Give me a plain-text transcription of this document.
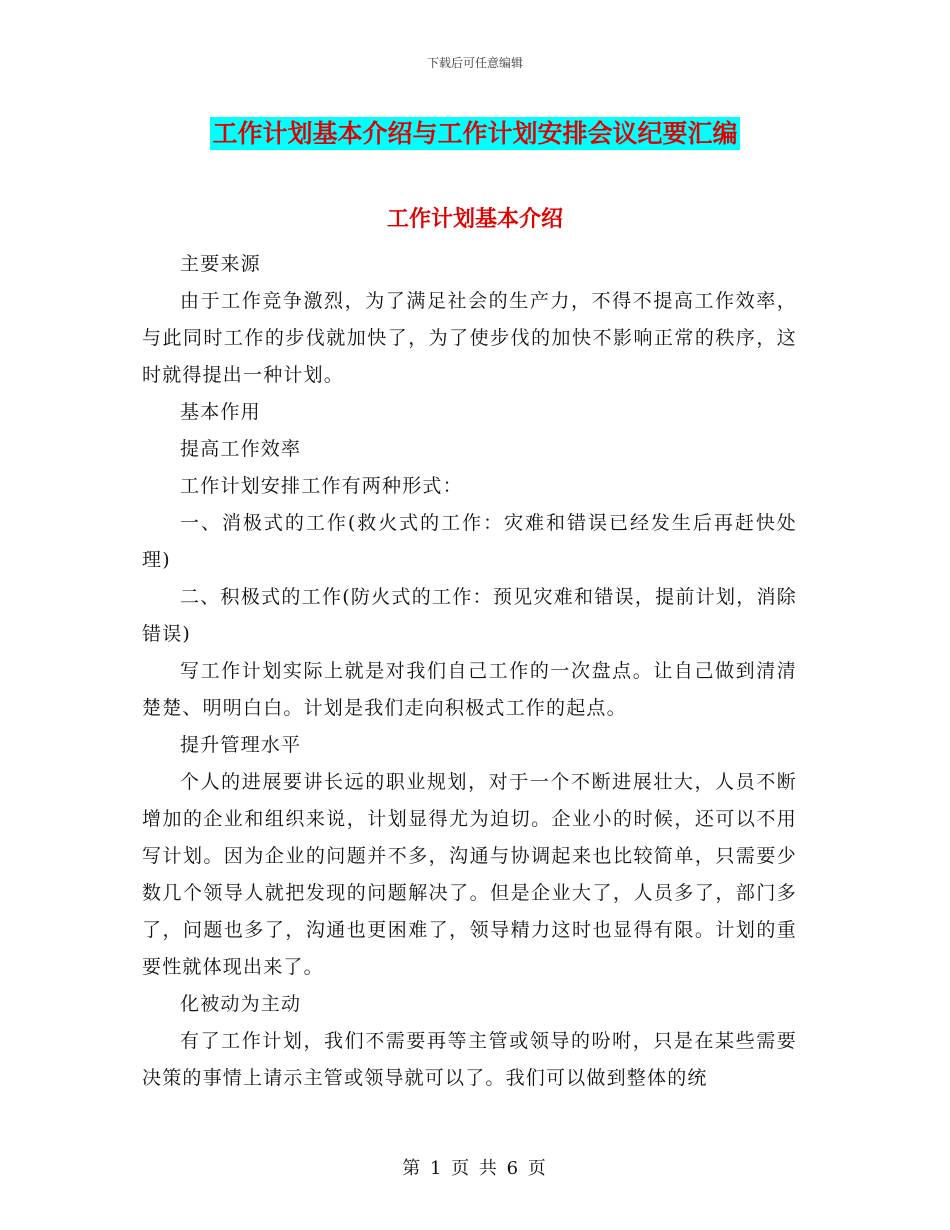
下载后可任意编辑
工作计划基本介绍与工作计划安排会议纪要汇编
工作计划基本介绍

主要来源

由于工作竞争激烈，为了满足社会的生产力，不得不提高工作效率，与此同时工作的步伐就加快了，为了使步伐的加快不影响正常的秩序，这时就得提出一种计划。

基本作用

提高工作效率

工作计划安排工作有两种形式：

一、消极式的工作(救火式的工作：灾难和错误已经发生后再赶快处理)

二、积极式的工作(防火式的工作：预见灾难和错误，提前计划，消除错误)

写工作计划实际上就是对我们自己工作的一次盘点。让自己做到清清楚楚、明明白白。计划是我们走向积极式工作的起点。

提升管理水平

个人的进展要讲长远的职业规划，对于一个不断进展壮大，人员不断增加的企业和组织来说，计划显得尤为迫切。企业小的时候，还可以不用写计划。因为企业的问题并不多，沟通与协调起来也比较简单，只需要少数几个领导人就把发现的问题解决了。但是企业大了，人员多了，部门多了，问题也多了，沟通也更困难了，领导精力这时也显得有限。计划的重要性就体现出来了。

化被动为主动

有了工作计划，我们不需要再等主管或领导的吩咐，只是在某些需要决策的事情上请示主管或领导就可以了。我们可以做到整体的统

第 1 页 共 6 页
